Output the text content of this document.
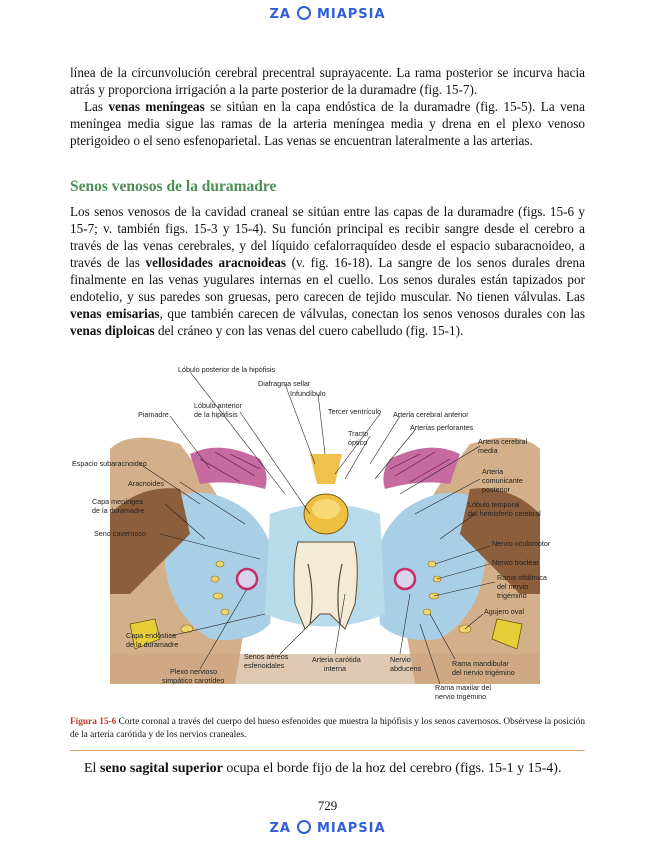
ZA MIAPSIA

línea de la circunvolución cerebral precentral suprayacente. La rama posterior se incurva hacia atrás y proporciona irrigación a la parte posterior de la duramadre (fig. 15-7).

Las venas meníngeas se sitúan en la capa endóstica de la duramadre (fig. 15-5). La vena meníngea media sigue las ramas de la arteria meníngea media y drena en el plexo venoso pterigoideo o el seno esfenoparietal. Las venas se encuentran lateralmente a las arterias.

Senos venosos de la duramadre

Los senos venosos de la cavidad craneal se sitúan entre las capas de la duramadre (figs. 15-6 y 15-7; v. también figs. 15-3 y 15-4). Su función principal es recibir sangre desde el cerebro a través de las venas cerebrales, y del líquido cefalorraquídeo desde el espacio subaracnoideo, a través de las vellosidades aracnoideas (v. fig. 16-18). La sangre de los senos durales drena finalmente en las venas yugulares internas en el cuello. Los senos durales están tapizados por endotelio, y sus paredes son gruesas, pero carecen de tejido muscular. No tienen válvulas. Las venas emisarias, que también carecen de válvulas, conectan los senos venosos durales con las venas diploicas del cráneo y con las venas del cuero cabelludo (fig. 15-1).

Lóbulo posterior de la hipófisis
Diafragma sellar
Infundíbulo
Lóbulo anterior
de la hipófisis
Piamadre	Tercer ventrículo Arteria cerebral anterior
Tracto
óptico
Arterias perforantes
Arteria cerebral
media
Espacio subaracnoideo
Arteria
comunicante
posterior
Aracnoides
Capa meníngea
de la duramadre
Lóbulo temporal
del hemisferio cerebral
Seno cavernoso
Nervio oculomotor
Nervio troclear
Rama oftálmica
del nervio
trigémino
Agujero oval
Capa endóstica
de la duramadre
Senos aéreos
esfenoidales
Arteria carótida
interna
Nervio
abducens
Rama mandibular
del nervio trigémino
Plexo nervioso
simpático carotídeo
Rama maxilar del
nervio trigémino

Figura 15-6 Corte coronal a través del cuerpo del hueso esfenoides que muestra la hipófisis y los senos cavernosos. Obsérvese la posición de la arteria carótida y de los nervios craneales.

El seno sagital superior ocupa el borde fijo de la hoz del cerebro (figs. 15-1 y 15-4).

729
ZA MIAPSIA
